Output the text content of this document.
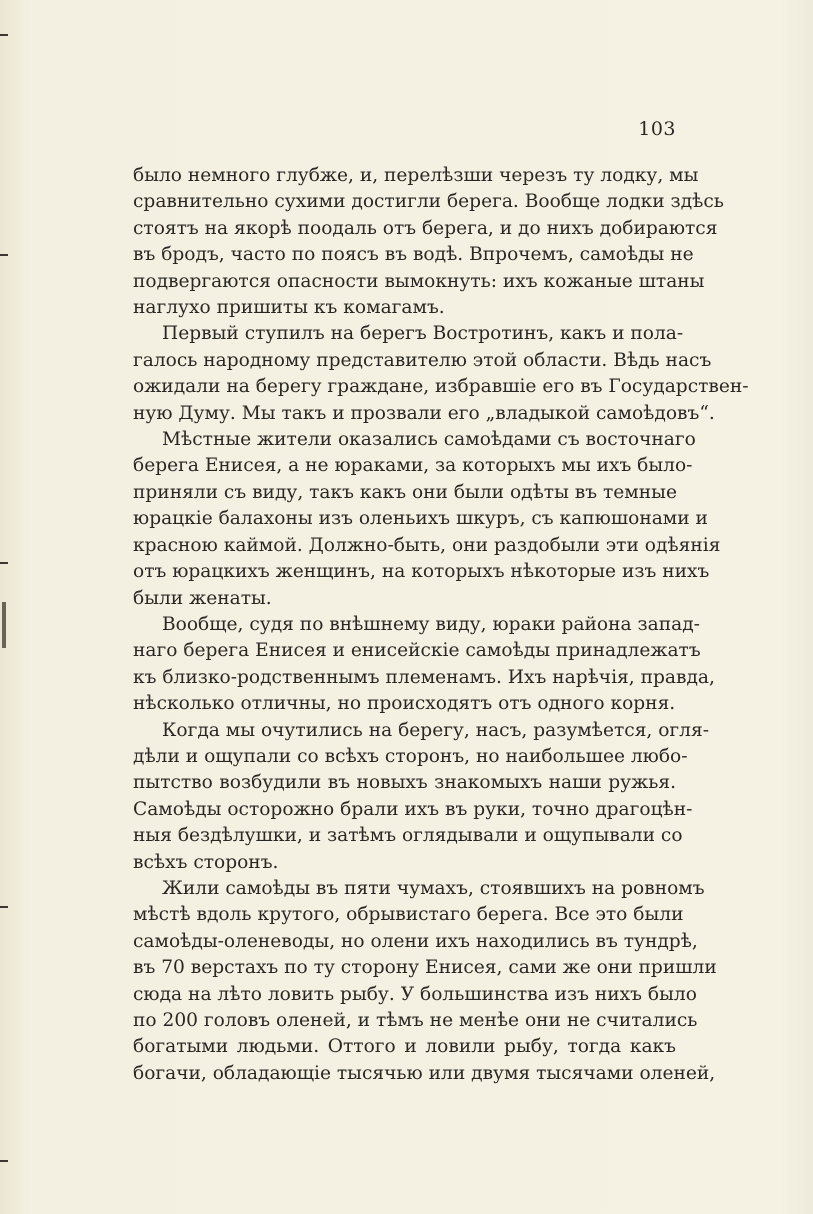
103

было немного глубже, и, перелѣзши черезъ ту лодку, мы
сравнительно сухими достигли берега. Вообще лодки здѣсь
стоятъ на якорѣ поодаль отъ берега, и до нихъ добираются
въ бродъ, часто по поясъ въ водѣ. Впрочемъ, самоѣды не
подвергаются опасности вымокнуть: ихъ кожаные штаны
наглухо пришиты къ комагамъ.

Первый ступилъ на берегъ Востротинъ, какъ и пола-
галось народному представителю этой области. Вѣдь насъ
ожидали на берегу граждане, избравшіе его въ Государствен-
ную Думу. Мы такъ и прозвали его „владыкой самоѣдовъ“.

Мѣстные жители оказались самоѣдами съ восточнаго
берега Енисея, а не юраками, за которыхъ мы ихъ было-
приняли съ виду, такъ какъ они были одѣты въ темные
юрацкіе балахоны изъ оленьихъ шкуръ, съ капюшонами и
красною каймой. Должно-быть, они раздобыли эти одѣянія
отъ юрацкихъ женщинъ, на которыхъ нѣкоторые изъ нихъ
были женаты.

Вообще, судя по внѣшнему виду, юраки района запад-
наго берега Енисея и енисейскіе самоѣды принадлежатъ
къ близко-родственнымъ племенамъ. Ихъ нарѣчія, правда,
нѣсколько отличны, но происходятъ отъ одного корня.

Когда мы очутились на берегу, насъ, разумѣется, огля-
дѣли и ощупали со всѣхъ сторонъ, но наибольшее любо-
пытство возбудили въ новыхъ знакомыхъ наши ружья.
Самоѣды осторожно брали ихъ въ руки, точно драгоцѣн-
ныя бездѣлушки, и затѣмъ оглядывали и ощупывали со
всѣхъ сторонъ.

Жили самоѣды въ пяти чумахъ, стоявшихъ на ровномъ
мѣстѣ вдоль крутого, обрывистаго берега. Все это были
самоѣды-оленеводы, но олени ихъ находились въ тундрѣ,
въ 70 верстахъ по ту сторону Енисея, сами же они пришли
сюда на лѣто ловить рыбу. У большинства изъ нихъ было
по 200 головъ оленей, и тѣмъ не менѣе они не считались
богатыми людьми. Оттого и ловили рыбу, тогда какъ
богачи, обладающіе тысячью или двумя тысячами оленей,
